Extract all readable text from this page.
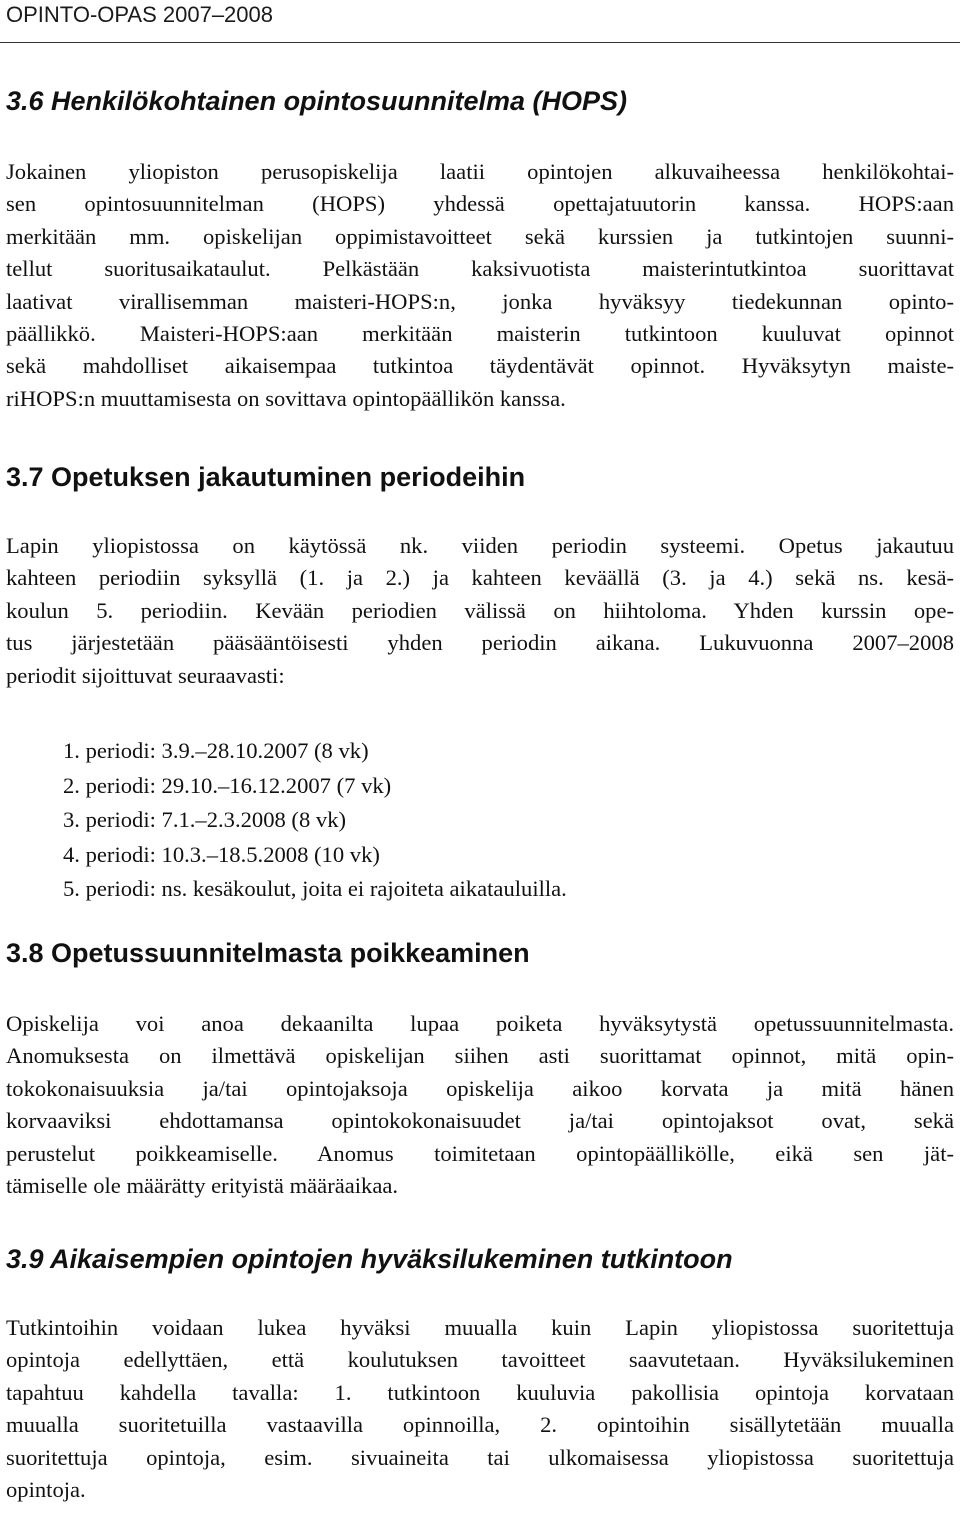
OPINTO-OPAS 2007–2008
3.6 Henkilökohtainen opintosuunnitelma (HOPS)
Jokainen yliopiston perusopiskelija laatii opintojen alkuvaiheessa henkilökohtai-
sen opintosuunnitelman (HOPS) yhdessä opettajatuutorin kanssa. HOPS:aan
merkitään mm. opiskelijan oppimistavoitteet sekä kurssien ja tutkintojen suunni-
tellut suoritusaikataulut. Pelkästään kaksivuotista maisterintutkintoa suorittavat
laativat virallisemman maisteri-HOPS:n, jonka hyväksyy tiedekunnan opinto-
päällikkö. Maisteri-HOPS:aan merkitään maisterin tutkintoon kuuluvat opinnot
sekä mahdolliset aikaisempaa tutkintoa täydentävät opinnot. Hyväksytyn maiste-
riHOPS:n muuttamisesta on sovittava opintopäällikön kanssa.
3.7 Opetuksen jakautuminen periodeihin
Lapin yliopistossa on käytössä nk. viiden periodin systeemi. Opetus jakautuu
kahteen periodiin syksyllä (1. ja 2.) ja kahteen keväällä (3. ja 4.) sekä ns. kesä-
koulun 5. periodiin. Kevään periodien välissä on hiihtoloma. Yhden kurssin ope-
tus järjestetään pääsääntöisesti yhden periodin aikana. Lukuvuonna 2007–2008
periodit sijoittuvat seuraavasti:
1. periodi: 3.9.–28.10.2007 (8 vk)
2. periodi: 29.10.–16.12.2007 (7 vk)
3. periodi: 7.1.–2.3.2008 (8 vk)
4. periodi: 10.3.–18.5.2008 (10 vk)
5. periodi: ns. kesäkoulut, joita ei rajoiteta aikatauluilla.
3.8 Opetussuunnitelmasta poikkeaminen
Opiskelija voi anoa dekaanilta lupaa poiketa hyväksytystä opetussuunnitelmasta.
Anomuksesta on ilmettävä opiskelijan siihen asti suorittamat opinnot, mitä opin-
tokokonaisuuksia ja/tai opintojaksoja opiskelija aikoo korvata ja mitä hänen
korvaaviksi ehdottamansa opintokokonaisuudet ja/tai opintojaksot ovat, sekä
perustelut poikkeamiselle. Anomus toimitetaan opintopäällikölle, eikä sen jät-
tämiselle ole määrätty erityistä määräaikaa.
3.9 Aikaisempien opintojen hyväksilukeminen tutkintoon
Tutkintoihin voidaan lukea hyväksi muualla kuin Lapin yliopistossa suoritettuja
opintoja edellyttäen, että koulutuksen tavoitteet saavutetaan. Hyväksilukeminen
tapahtuu kahdella tavalla: 1. tutkintoon kuuluvia pakollisia opintoja korvataan
muualla suoritetuilla vastaavilla opinnoilla, 2. opintoihin sisällytetään muualla
suoritettuja opintoja, esim. sivuaineita tai ulkomaisessa yliopistossa suoritettuja
opintoja.
